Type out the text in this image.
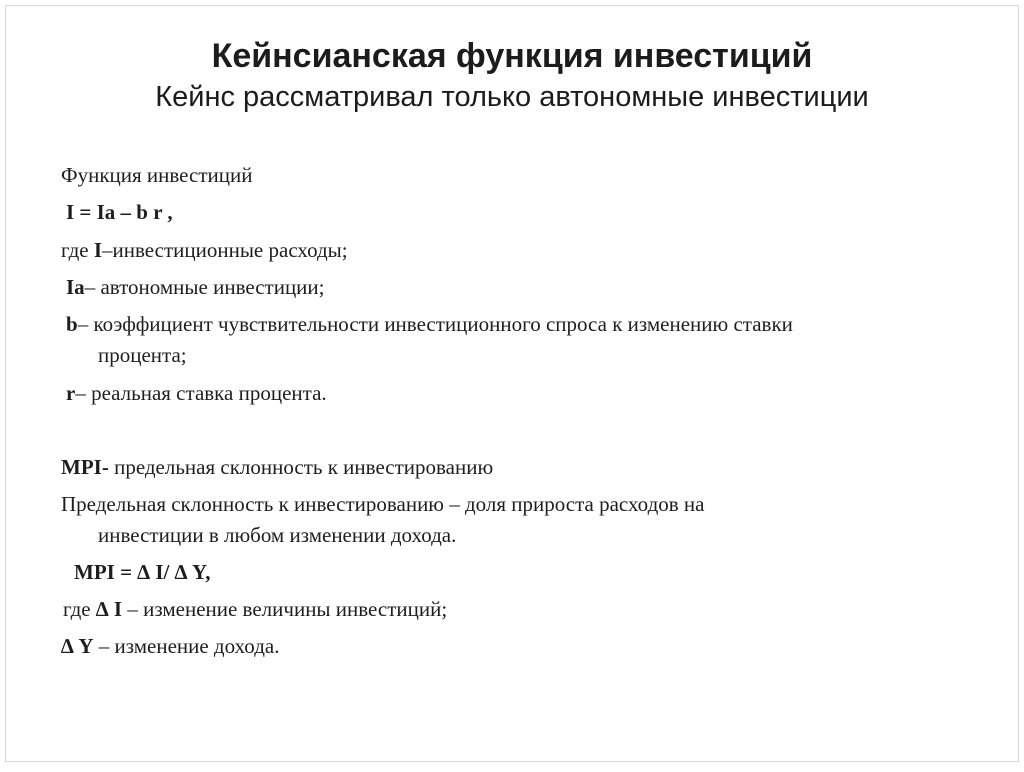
Кейнсианская функция инвестиций
Кейнс рассматривал только автономные инвестиции
Функция инвестиций
I = Ia – b r ,
где I–инвестиционные расходы;
Ia– автономные инвестиции;
b– коэффициент чувствительности инвестиционного спроса к изменению ставки
процента;
r– реальная ставка процента.
MPI- предельная склонность к инвестированию
Предельная склонность к инвестированию – доля прироста расходов на
инвестиции в любом изменении дохода.
MPI = ∆ I/ ∆ Y,
где ∆ I – изменение величины инвестиций;
∆ Y – изменение дохода.
